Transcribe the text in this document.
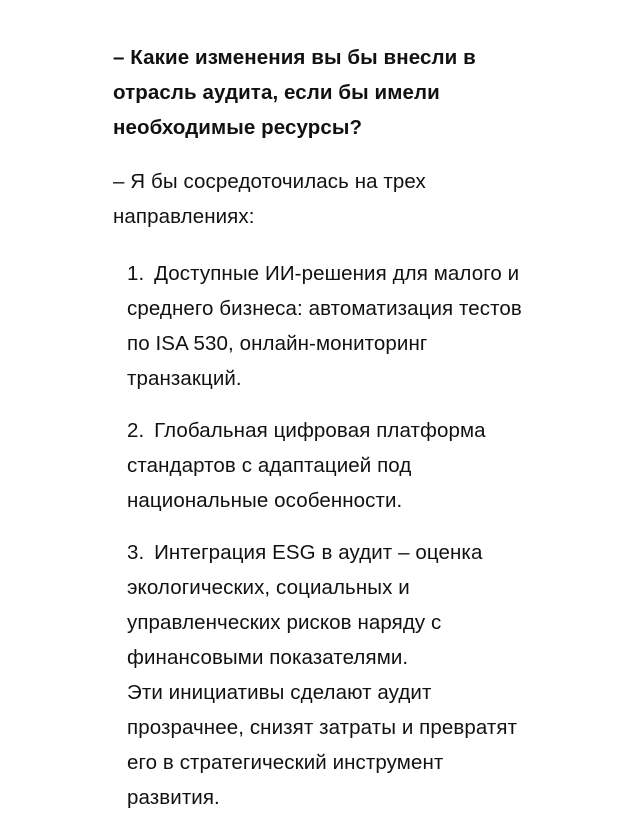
– Какие изменения вы бы внесли в отрасль аудита, если бы имели необходимые ресурсы?

– Я бы сосредоточилась на трех направлениях:

1. Доступные ИИ-решения для малого и среднего бизнеса: автоматизация тестов по ISA 530, онлайн-мониторинг транзакций.
2. Глобальная цифровая платформа стандартов с адаптацией под национальные особенности.
3. Интеграция ESG в аудит – оценка экологических, социальных и управленческих рисков наряду с финансовыми показателями.

Эти инициативы сделают аудит прозрачнее, снизят затраты и превратят его в стратегический инструмент развития.
